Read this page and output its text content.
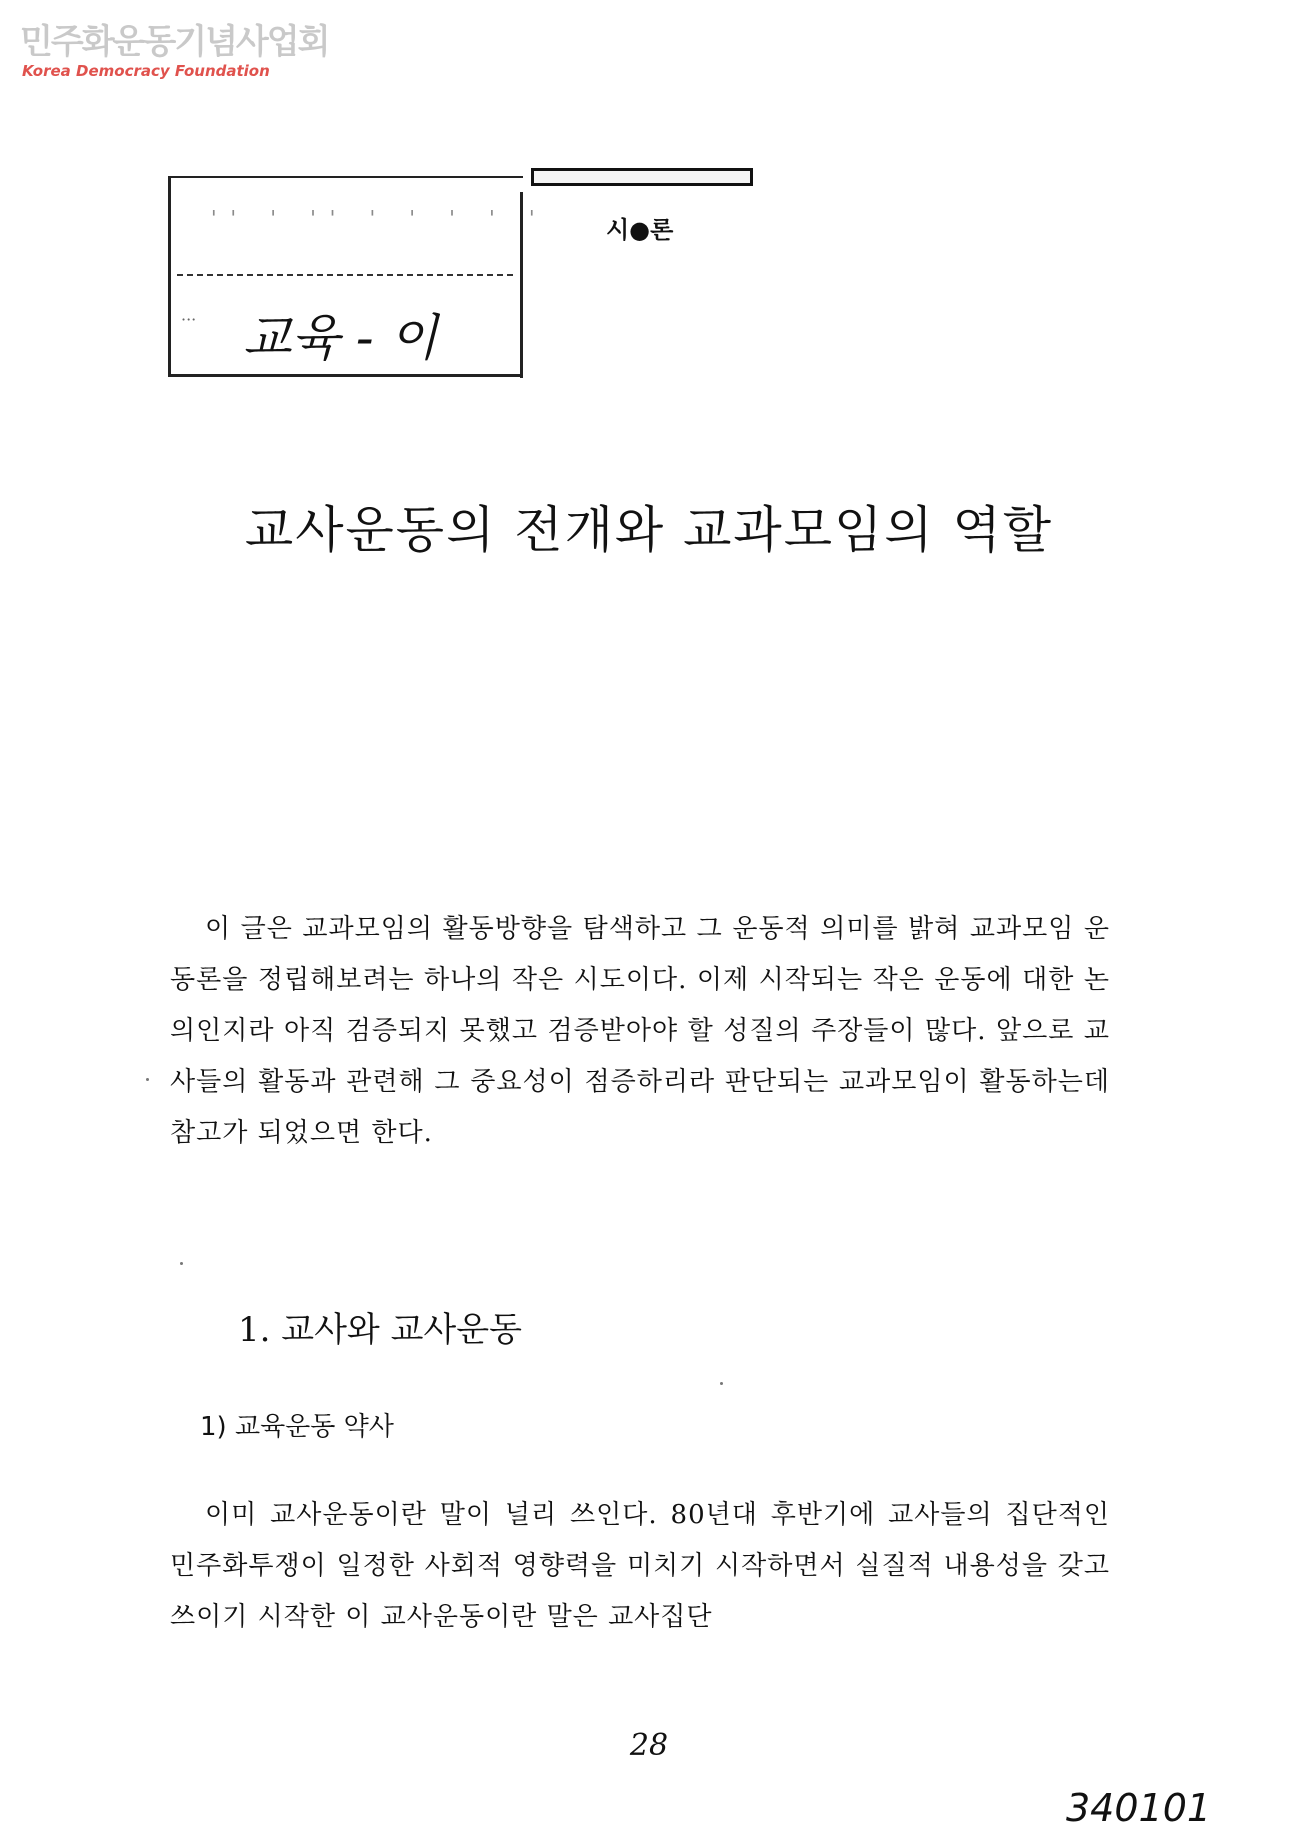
민주화운동기념사업회
Korea Democracy Foundation
'' ' '' ' ' ' ' '
··· 교육 - 이
시●론
교사운동의 전개와 교과모임의 역할
이 글은 교과모임의 활동방향을 탐색하고 그 운동적 의미를 밝혀 교과모임 운동론을 정립해보려는 하나의 작은 시도이다. 이제 시작되는 작은 운동에 대한 논의인지라 아직 검증되지 못했고 검증받아야 할 성질의 주장들이 많다. 앞으로 교사들의 활동과 관련해 그 중요성이 점증하리라 판단되는 교과모임이 활동하는데 참고가 되었으면 한다.
1. 교사와 교사운동
1) 교육운동 약사
이미 교사운동이란 말이 널리 쓰인다. 80년대 후반기에 교사들의 집단적인 민주화투쟁이 일정한 사회적 영향력을 미치기 시작하면서 실질적 내용성을 갖고 쓰이기 시작한 이 교사운동이란 말은 교사집단
28
340101
